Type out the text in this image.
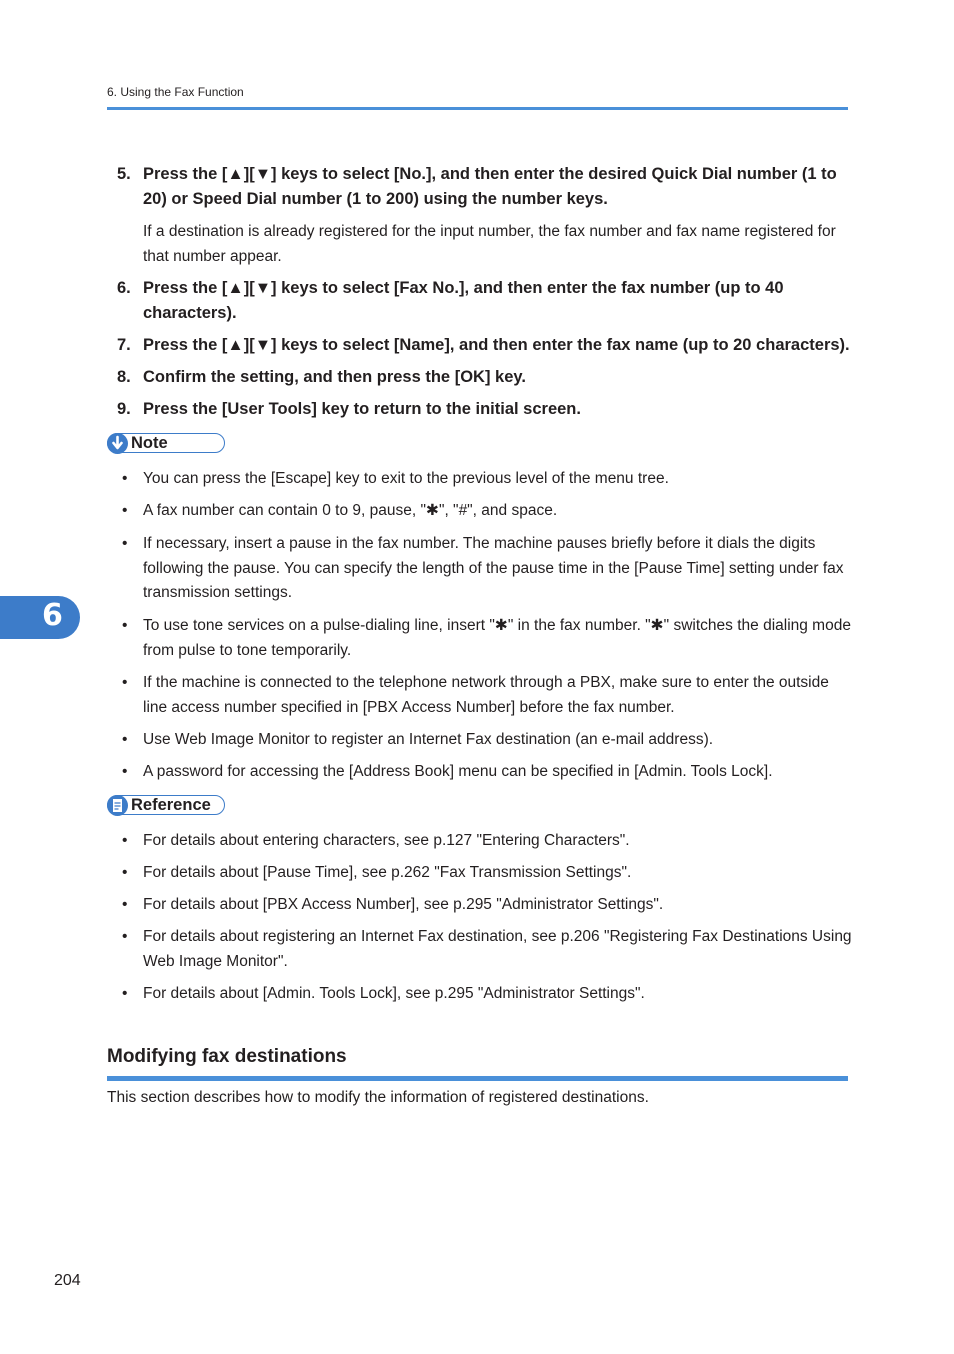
6. Using the Fax Function
5. Press the [▲][▼] keys to select [No.], and then enter the desired Quick Dial number (1 to 20) or Speed Dial number (1 to 200) using the number keys.
If a destination is already registered for the input number, the fax number and fax name registered for that number appear.
6. Press the [▲][▼] keys to select [Fax No.], and then enter the fax number (up to 40 characters).
7. Press the [▲][▼] keys to select [Name], and then enter the fax name (up to 20 characters).
8. Confirm the setting, and then press the [OK] key.
9. Press the [User Tools] key to return to the initial screen.
Note
• You can press the [Escape] key to exit to the previous level of the menu tree.
• A fax number can contain 0 to 9, pause, "✱", "#", and space.
• If necessary, insert a pause in the fax number. The machine pauses briefly before it dials the digits following the pause. You can specify the length of the pause time in the [Pause Time] setting under fax transmission settings.
• To use tone services on a pulse-dialing line, insert "✱" in the fax number. "✱" switches the dialing mode from pulse to tone temporarily.
• If the machine is connected to the telephone network through a PBX, make sure to enter the outside line access number specified in [PBX Access Number] before the fax number.
• Use Web Image Monitor to register an Internet Fax destination (an e-mail address).
• A password for accessing the [Address Book] menu can be specified in [Admin. Tools Lock].
6
Reference
• For details about entering characters, see p.127 "Entering Characters".
• For details about [Pause Time], see p.262 "Fax Transmission Settings".
• For details about [PBX Access Number], see p.295 "Administrator Settings".
• For details about registering an Internet Fax destination, see p.206 "Registering Fax Destinations Using Web Image Monitor".
• For details about [Admin. Tools Lock], see p.295 "Administrator Settings".
Modifying fax destinations
This section describes how to modify the information of registered destinations.
204
